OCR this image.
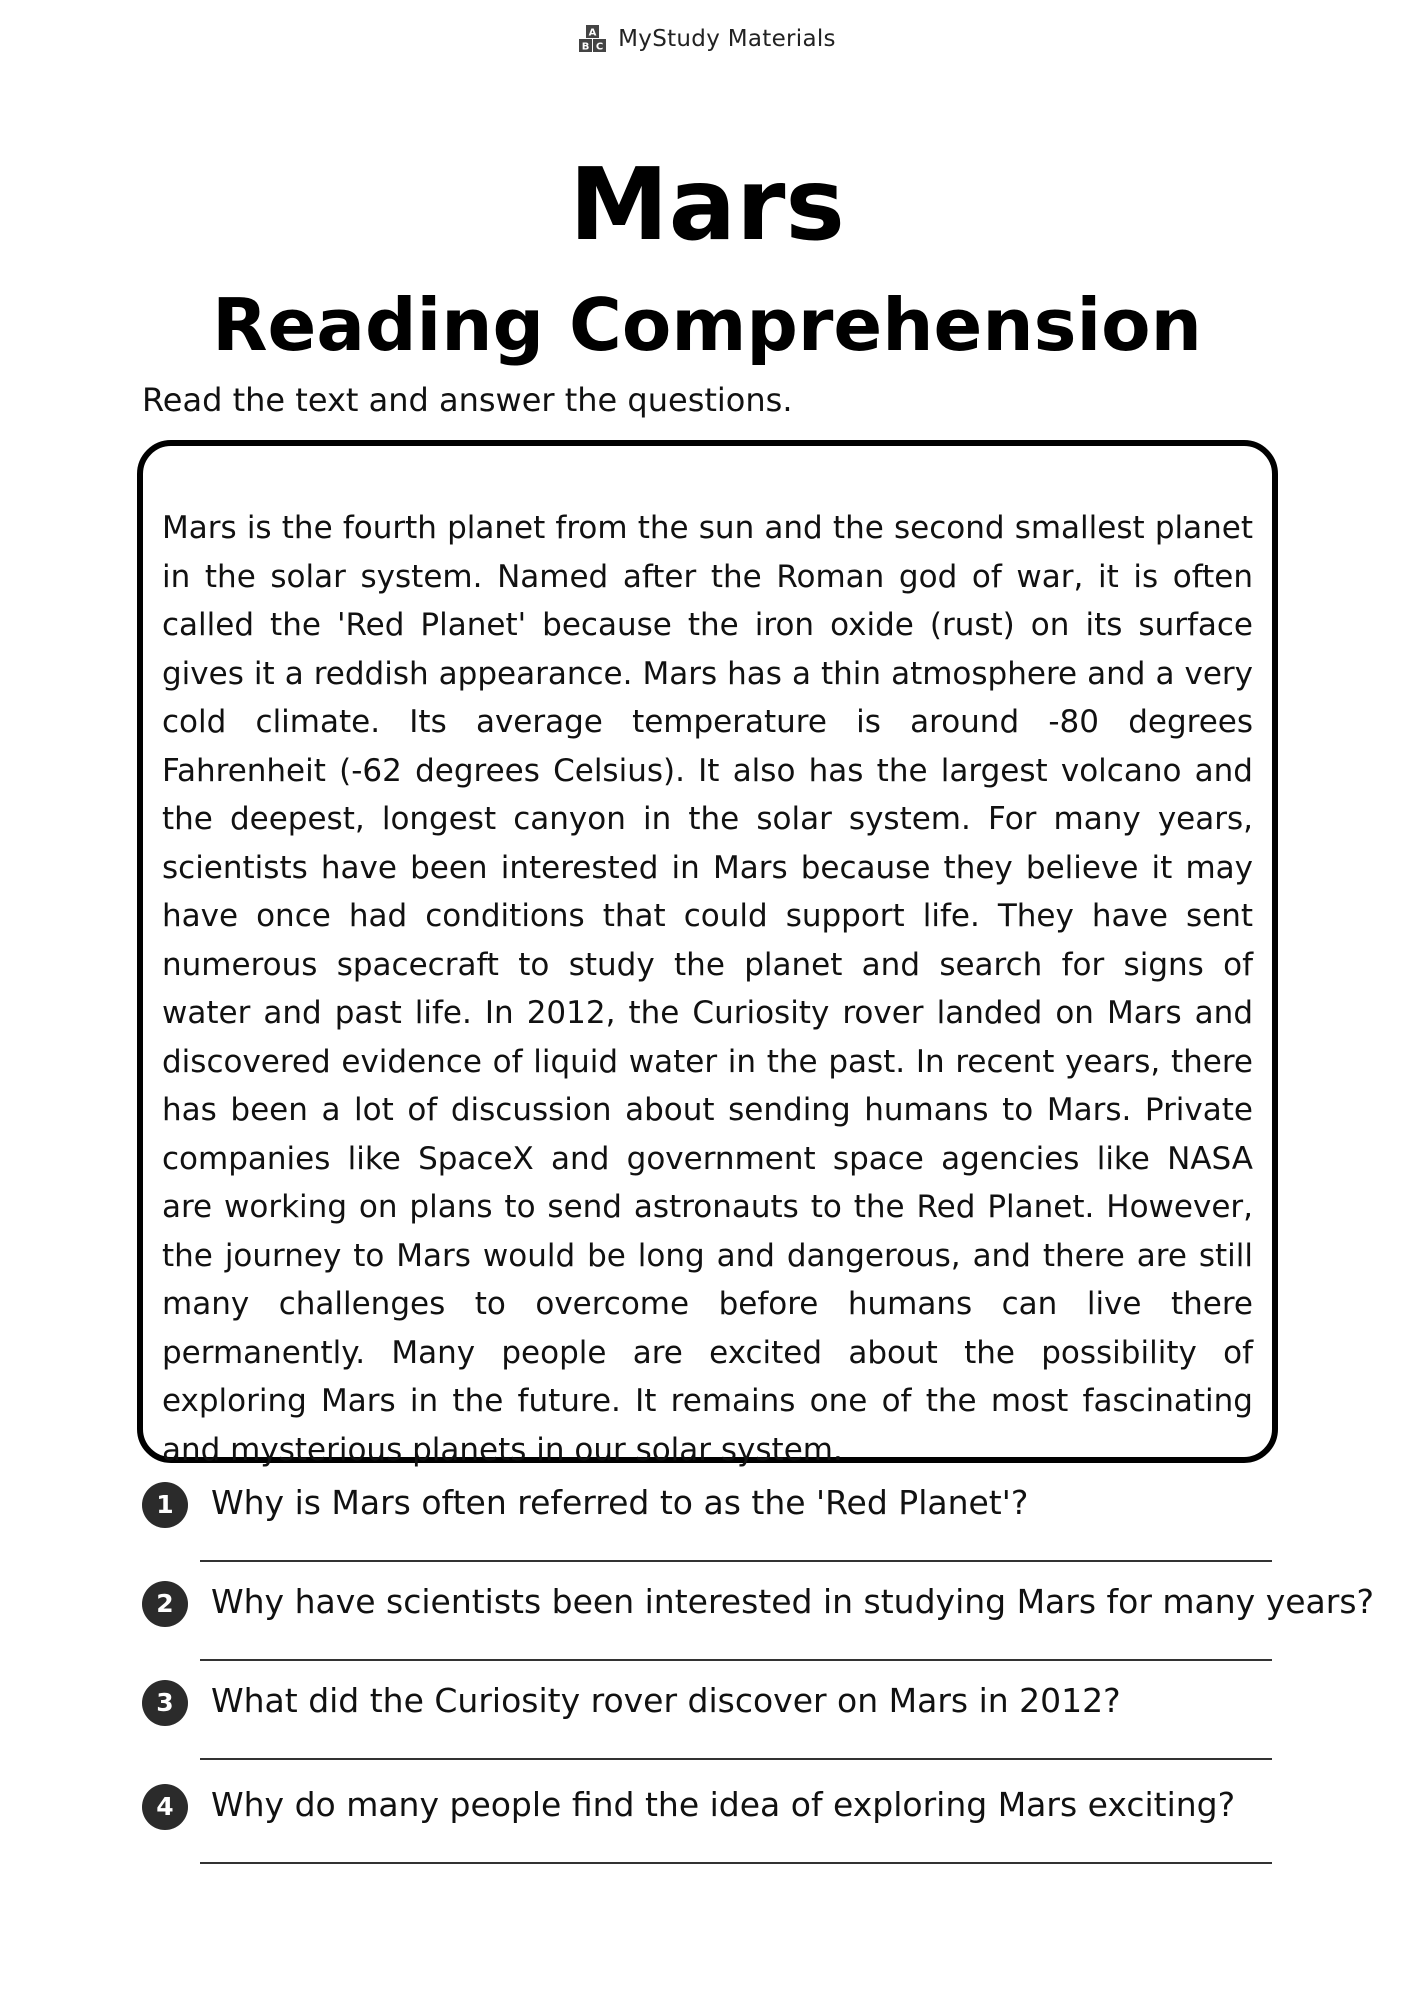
A
B C MyStudy Materials
Mars
Reading Comprehension
Read the text and answer the questions.

Mars is the fourth planet from the sun and the second smallest planet in the solar system. Named after the Roman god of war, it is often called the 'Red Planet' because the iron oxide (rust) on its surface gives it a reddish appearance. Mars has a thin atmosphere and a very cold climate. Its average temperature is around -80 degrees Fahrenheit (-62 degrees Celsius). It also has the largest volcano and the deepest, longest canyon in the solar system. For many years, scientists have been interested in Mars because they believe it may have once had conditions that could support life. They have sent numerous spacecraft to study the planet and search for signs of water and past life. In 2012, the Curiosity rover landed on Mars and discovered evidence of liquid water in the past. In recent years, there has been a lot of discussion about sending humans to Mars. Private companies like SpaceX and government space agencies like NASA are working on plans to send astronauts to the Red Planet. However, the journey to Mars would be long and dangerous, and there are still many challenges to overcome before humans can live there permanently. Many people are excited about the possibility of exploring Mars in the future. It remains one of the most fascinating and mysterious planets in our solar system.

1	Why is Mars often referred to as the 'Red Planet'?
2	Why have scientists been interested in studying Mars for many years?
3	What did the Curiosity rover discover on Mars in 2012?
4	Why do many people find the idea of exploring Mars exciting?
